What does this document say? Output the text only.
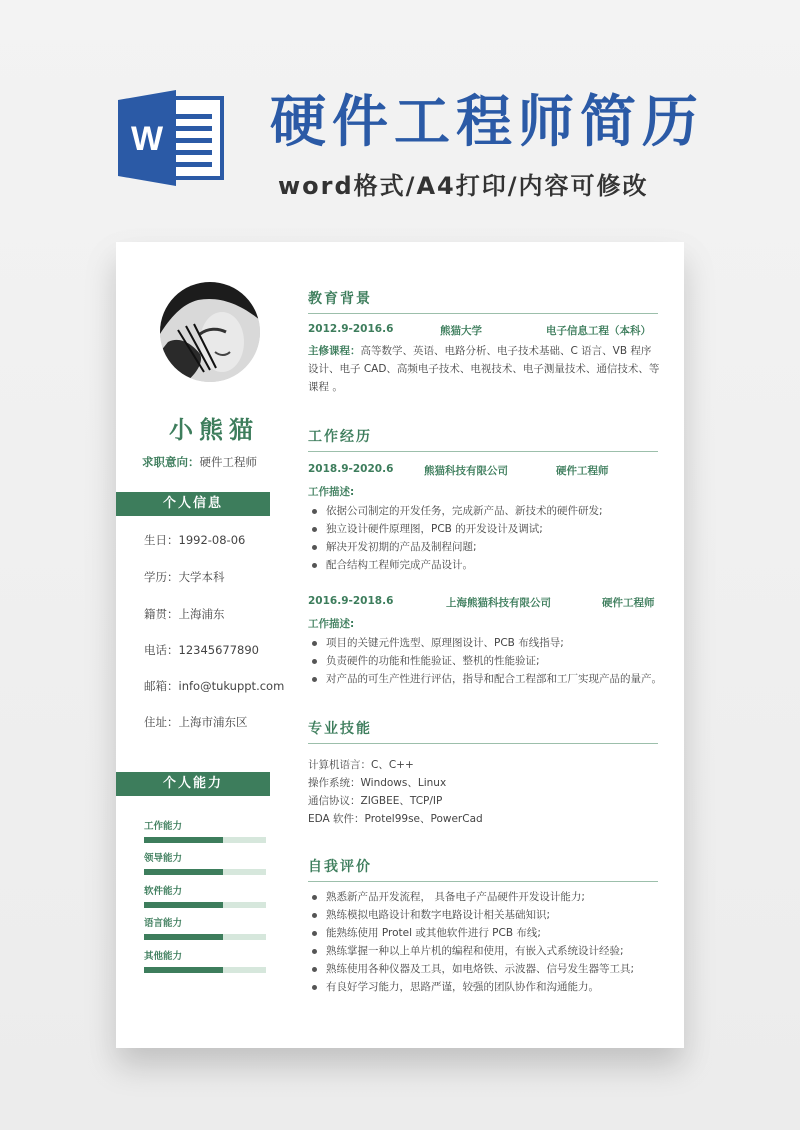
W 硬件工程师简历
word格式/A4打印/内容可修改
小熊猫
求职意向：硬件工程师
个人信息
生日：1992-08-06
学历：大学本科
籍贯：上海浦东
电话：12345677890
邮箱：info@tukuppt.com
住址：上海市浦东区
个人能力
工作能力
领导能力
软件能力
语言能力
其他能力
教育背景
2012.9-2016.6	熊猫大学	电子信息工程（本科）
主修课程：高等数学、英语、电路分析、电子技术基础、C 语言、VB 程序设计、电子 CAD、高频电子技术、电视技术、电子测量技术、通信技术、等课程 。
工作经历
2018.9-2020.6	熊猫科技有限公司	硬件工程师
工作描述:
依据公司制定的开发任务，完成新产品、新技术的硬件研发;
独立设计硬件原理图，PCB 的开发设计及调试;
解决开发初期的产品及制程问题;
配合结构工程师完成产品设计。
2016.9-2018.6	上海熊猫科技有限公司	硬件工程师
工作描述:
项目的关键元件选型、原理图设计、PCB 布线指导;
负责硬件的功能和性能验证、整机的性能验证;
对产品的可生产性进行评估，指导和配合工程部和工厂实现产品的量产。
专业技能
计算机语言：C、C++
操作系统：Windows、Linux
通信协议：ZIGBEE、TCP/IP
EDA 软件：Protel99se、PowerCad
自我评价
熟悉新产品开发流程， 具备电子产品硬件开发设计能力;
熟练模拟电路设计和数字电路设计相关基础知识;
能熟练使用 Protel 或其他软件进行 PCB 布线;
熟练掌握一种以上单片机的编程和使用，有嵌入式系统设计经验;
熟练使用各种仪器及工具，如电烙铁、示波器、信号发生器等工具;
有良好学习能力，思路严谨，较强的团队协作和沟通能力。
